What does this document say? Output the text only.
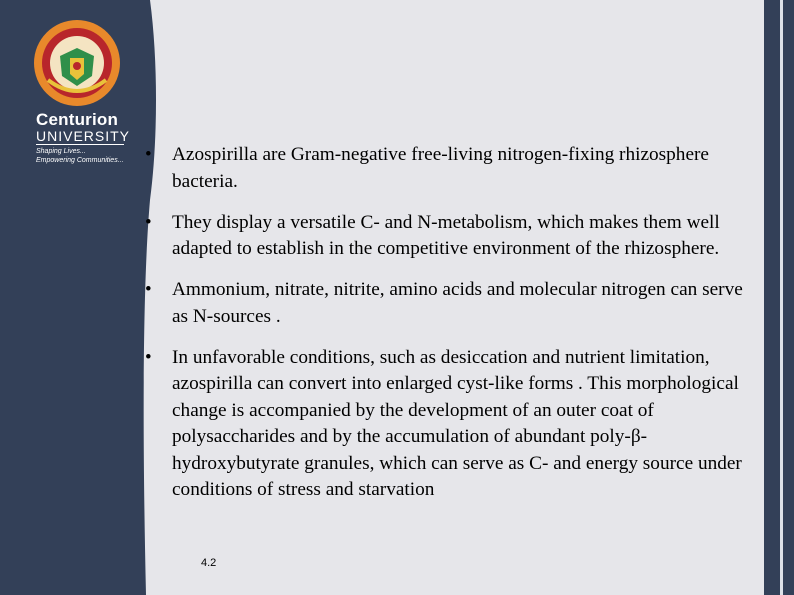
Centurion
UNIVERSITY
Shaping Lives...
Empowering Communities... • Azospirilla are Gram-negative free-living nitrogen-fixing rhizosphere bacteria.
• They display a versatile C- and N-metabolism, which makes them well adapted to establish in the competitive environment of the rhizosphere.
• Ammonium, nitrate, nitrite, amino acids and molecular nitrogen can serve as N-sources .
• In unfavorable conditions, such as desiccation and nutrient limitation, azospirilla can convert into enlarged cyst-like forms . This morphological change is accompanied by the development of an outer coat of polysaccharides and by the accumulation of abundant poly-β-hydroxybutyrate granules, which can serve as C- and energy source under conditions of stress and starvation
4.2
